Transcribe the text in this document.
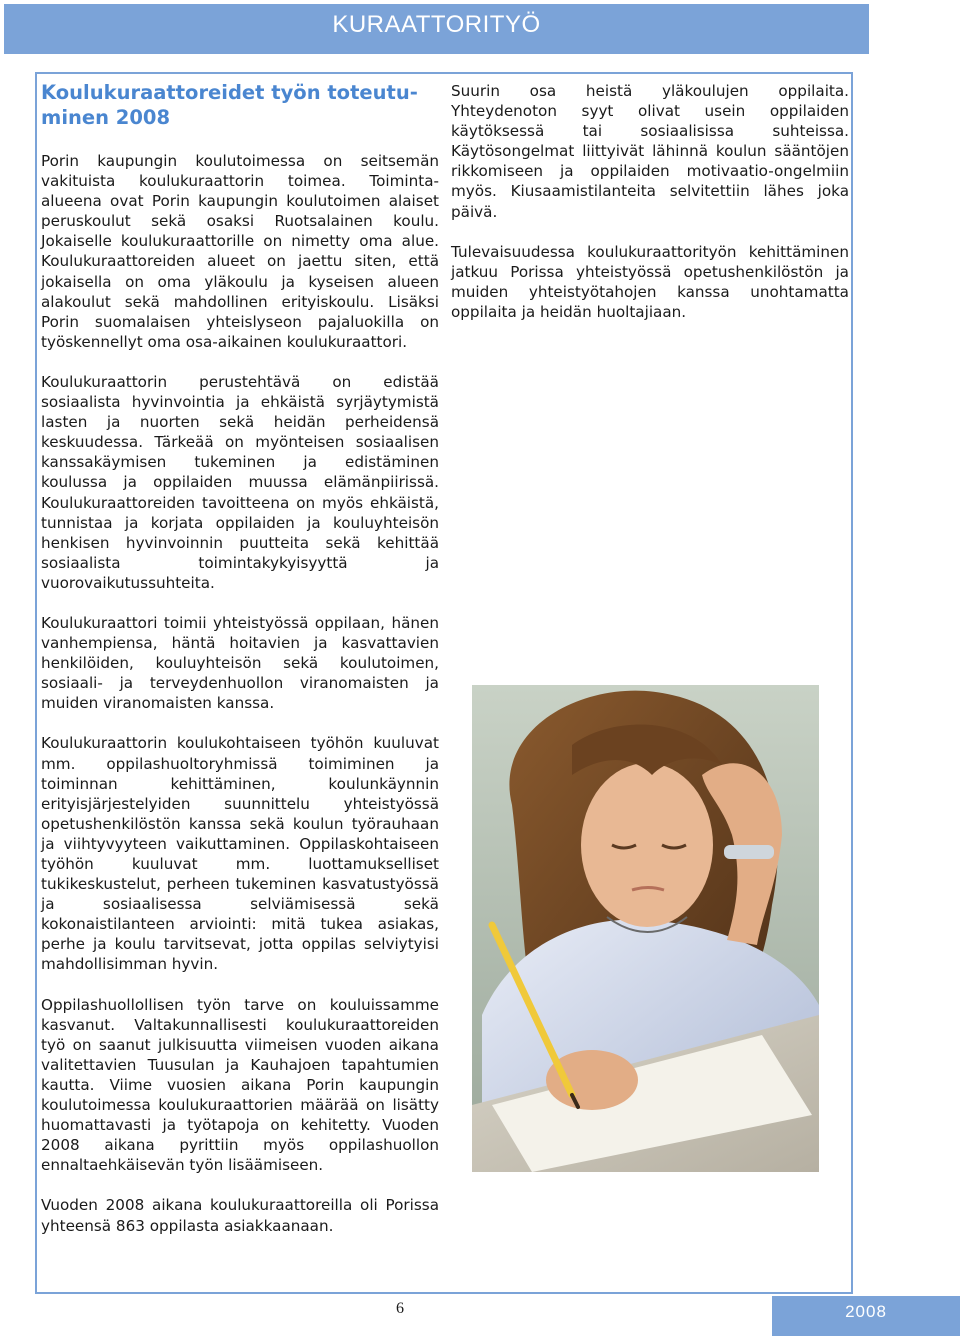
KURAATTORITYÖ
Koulukuraattoreidet työn toteutu-minen 2008

Porin kaupungin koulutoimessa on seitsemän vakituista koulukuraattorin toimea. Toiminta-alueena ovat Porin kaupungin koulutoimen alaiset peruskoulut sekä osaksi Ruotsalainen koulu. Jokaiselle koulukuraattorille on nimetty oma alue. Koulukuraattoreiden alueet on jaettu siten, että jokaisella on oma yläkoulu ja kyseisen alueen alakoulut sekä mahdollinen erityiskoulu. Lisäksi Porin suomalaisen yhteislyseon pajaluokilla on työskennellyt oma osa-aikainen koulukuraattori.

Koulukuraattorin perustehtävä on edistää sosiaalista hyvinvointia ja ehkäistä syrjäytymistä lasten ja nuorten sekä heidän perheidensä keskuudessa. Tärkeää on myönteisen sosiaalisen kanssakäymisen tukeminen ja edistäminen koulussa ja oppilaiden muussa elämänpiirissä. Koulukuraattoreiden tavoitteena on myös ehkäistä, tunnistaa ja korjata oppilaiden ja kouluyhteisön henkisen hyvinvoinnin puutteita sekä kehittää sosiaalista toimintakykyisyyttä ja vuorovaikutussuhteita.

Koulukuraattori toimii yhteistyössä oppilaan, hänen vanhempiensa, häntä hoitavien ja kasvattavien henkilöiden, kouluyhteisön sekä koulutoimen, sosiaali- ja terveydenhuollon viranomaisten ja muiden viranomaisten kanssa.

Koulukuraattorin koulukohtaiseen työhön kuuluvat mm. oppilashuoltoryhmissä toimiminen ja toiminnan kehittäminen, koulunkäynnin erityisjärjestelyiden suunnittelu yhteistyössä opetushenkilöstön kanssa sekä koulun työrauhaan ja viihtyvyyteen vaikuttaminen. Oppilaskohtaiseen työhön kuuluvat mm. luottamukselliset tukikeskustelut, perheen tukeminen kasvatustyössä ja sosiaalisessa selviämisessä sekä kokonaistilanteen arviointi: mitä tukea asiakas, perhe ja koulu tarvitsevat, jotta oppilas selviytyisi mahdollisimman hyvin.

Oppilashuollollisen työn tarve on kouluissamme kasvanut. Valtakunnallisesti koulukuraattoreiden työ on saanut julkisuutta viimeisen vuoden aikana valitettavien Tuusulan ja Kauhajoen tapahtumien kautta. Viime vuosien aikana Porin kaupungin koulutoimessa koulukuraattorien määrää on lisätty huomattavasti ja työtapoja on kehitetty. Vuoden 2008 aikana pyrittiin myös oppilashuollon ennaltaehkäisevän työn lisäämiseen.

Vuoden 2008 aikana koulukuraattoreilla oli Porissa yhteensä 863 oppilasta asiakkaanaan.

Suurin osa heistä yläkoulujen oppilaita. Yhteydenoton syyt olivat usein oppilaiden käytöksessä tai sosiaalisissa suhteissa. Käytösongelmat liittyivät lähinnä koulun sääntöjen rikkomiseen ja oppilaiden motivaatio-ongelmiin myös. Kiusaamistilanteita selvitettiin lähes joka päivä.

Tulevaisuudessa koulukuraattorityön kehittäminen jatkuu Porissa yhteistyössä opetushenkilöstön ja muiden yhteistyötahojen kanssa unohtamatta oppilaita ja heidän huoltajiaan.

6	2008
